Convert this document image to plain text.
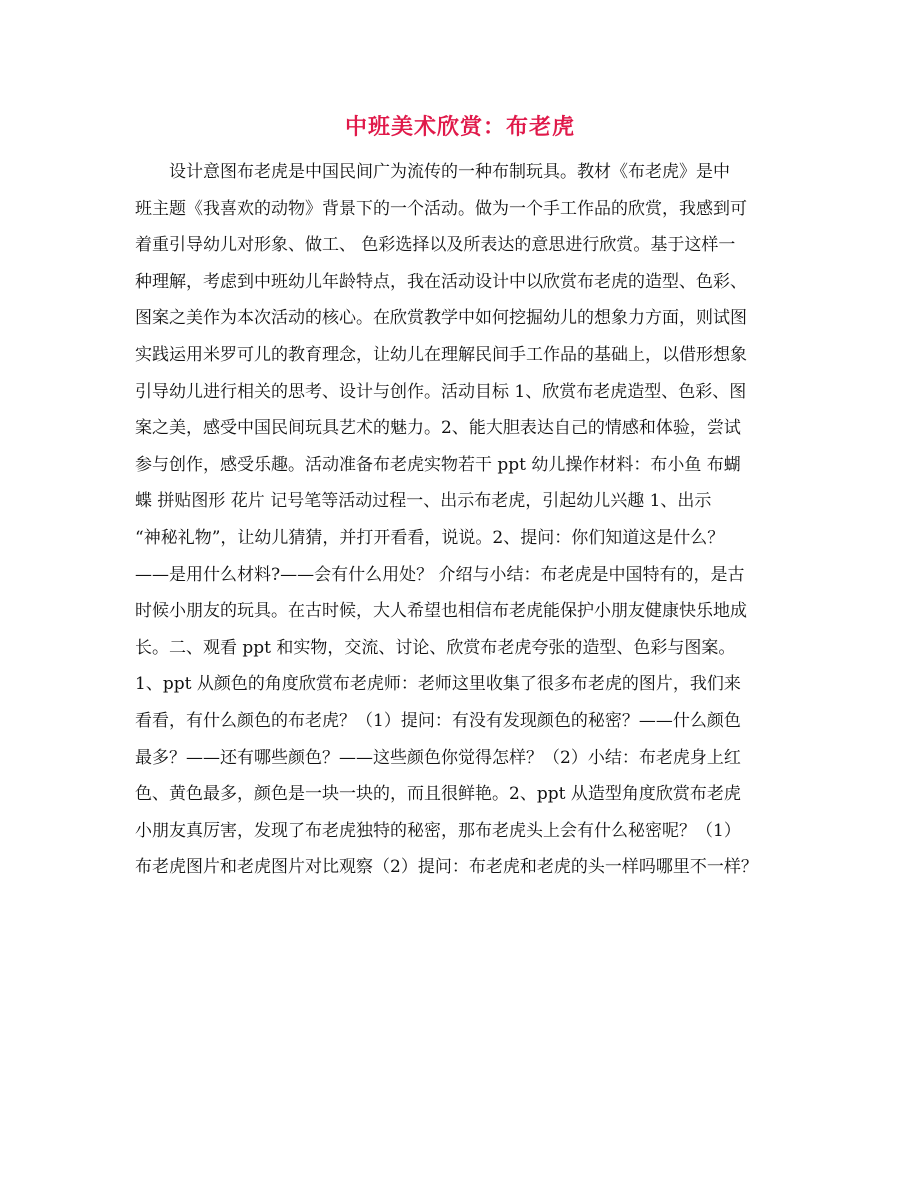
中班美术欣赏：布老虎
设计意图布老虎是中国民间广为流传的一种布制玩具。教材《布老虎》是中
班主题《我喜欢的动物》背景下的一个活动。做为一个手工作品的欣赏，我感到可
着重引导幼儿对形象、做工、 色彩选择以及所表达的意思进行欣赏。基于这样一
种理解，考虑到中班幼儿年龄特点，我在活动设计中以欣赏布老虎的造型、色彩、
图案之美作为本次活动的核心。在欣赏教学中如何挖掘幼儿的想象力方面，则试图
实践运用米罗可儿的教育理念，让幼儿在理解民间手工作品的基础上，以借形想象
引导幼儿进行相关的思考、设计与创作。活动目标 1、欣赏布老虎造型、色彩、图
案之美，感受中国民间玩具艺术的魅力。2、能大胆表达自己的情感和体验，尝试
参与创作，感受乐趣。活动准备布老虎实物若干 ppt 幼儿操作材料：布小鱼 布蝴
蝶 拼贴图形 花片 记号笔等活动过程一、出示布老虎，引起幼儿兴趣 1、出示
“神秘礼物”，让幼儿猜猜，并打开看看，说说。2、提问：你们知道这是什么？
——是用什么材料?——会有什么用处？ 介绍与小结：布老虎是中国特有的，是古
时候小朋友的玩具。在古时候，大人希望也相信布老虎能保护小朋友健康快乐地成
长。二、观看 ppt 和实物，交流、讨论、欣赏布老虎夸张的造型、色彩与图案。
1、ppt 从颜色的角度欣赏布老虎师：老师这里收集了很多布老虎的图片，我们来
看看，有什么颜色的布老虎？（1）提问：有没有发现颜色的秘密？——什么颜色
最多？——还有哪些颜色？——这些颜色你觉得怎样？（2）小结：布老虎身上红
色、黄色最多，颜色是一块一块的，而且很鲜艳。2、ppt 从造型角度欣赏布老虎
小朋友真厉害，发现了布老虎独特的秘密，那布老虎头上会有什么秘密呢？（1）
布老虎图片和老虎图片对比观察（2）提问：布老虎和老虎的头一样吗哪里不一样？
